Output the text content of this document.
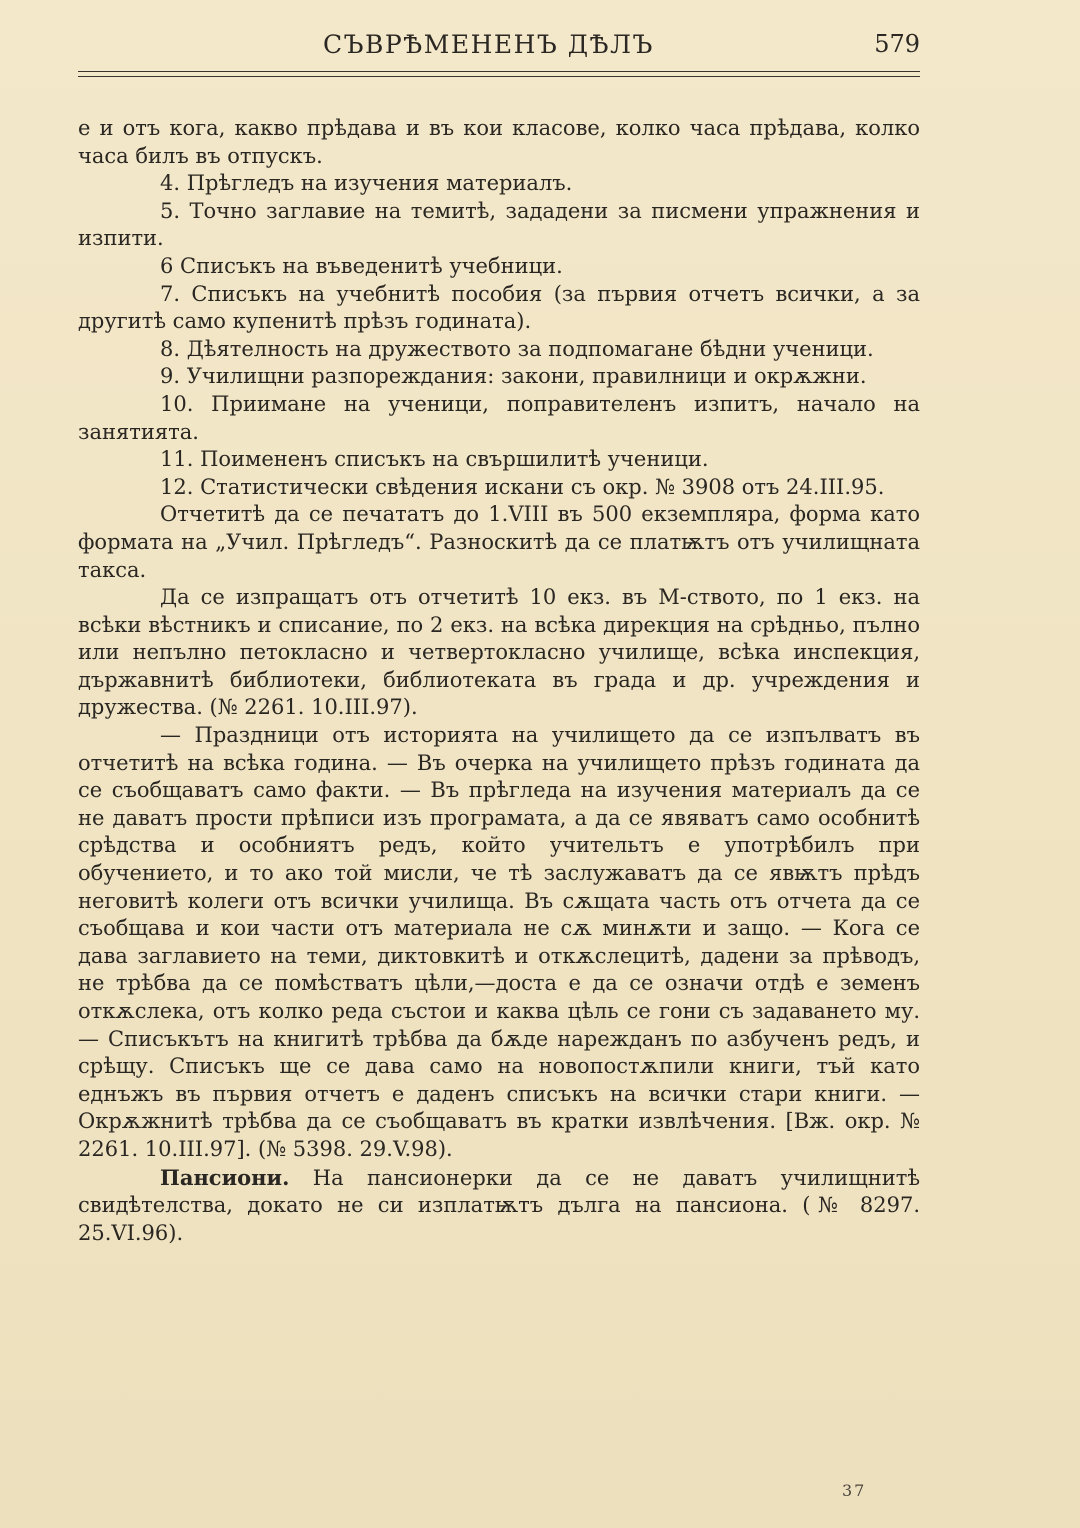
СЪВРѢМЕНЕНЪ ДѢЛЪ	579

е и отъ кога, какво прѣдава и въ кои класове, колко часа прѣдава, колко часа билъ въ отпускъ.

4. Прѣгледъ на изучения материалъ.

5. Точно заглавие на темитѣ, зададени за писмени упражнения и изпити.

6 Списъкъ на въведенитѣ учебници.

7. Списъкъ на учебнитѣ пособия (за първия отчетъ всички, а за другитѣ само купенитѣ прѣзъ годината).

8. Дѣятелность на дружеството за подпомагане бѣдни ученици.

9. Училищни разпореждания: закони, правилници и окрѫжни.

10. Приимане на ученици, поправителенъ изпитъ, начало на занятията.

11. Поимененъ списъкъ на свършилитѣ ученици.

12. Статистически свѣдения искани съ окр. № 3908 отъ 24.III.95.

Отчетитѣ да се печататъ до 1.VIII въ 500 екземпляра, форма като формата на „Учил. Прѣгледъ“. Разноскитѣ да се платѭтъ отъ училищната такса.

Да се изпращатъ отъ отчетитѣ 10 екз. въ М-ството, по 1 екз. на всѣки вѣстникъ и списание, по 2 екз. на всѣка дирекция на срѣдньо, пълно или непълно петокласно и четвертокласно училище, всѣка инспекция, държавнитѣ библиотеки, библиотеката въ града и др. учреждения и дружества. (№ 2261. 10.III.97).

— Праздници отъ историята на училището да се изпълватъ въ отчетитѣ на всѣка година. — Въ очерка на училището прѣзъ годината да се съобщаватъ само факти. — Въ прѣгледа на изучения материалъ да се не даватъ прости прѣписи изъ програмата, а да се явяватъ само особнитѣ срѣдства и особниятъ редъ, който учительтъ е употрѣбилъ при обучението, и то ако той мисли, че тѣ заслужаватъ да се явѭтъ прѣдъ неговитѣ колеги отъ всички училища. Въ сѫщата часть отъ отчета да се съобщава и кои части отъ материала не сѫ минѫти и защо. — Кога се дава заглавието на теми, диктовкитѣ и откѫслецитѣ, дадени за прѣводъ, не трѣбва да се помѣстватъ цѣли,—доста е да се означи отдѣ е земенъ откѫслека, отъ колко реда състои и каква цѣль се гони съ задаването му. — Списъкътъ на книгитѣ трѣбва да бѫде нарежданъ по азбученъ редъ, и срѣщу. Списъкъ ще се дава само на новопостѫпили книги, тъй като еднъжъ въ първия отчетъ е даденъ списъкъ на всички стари книги. — Окрѫжнитѣ трѣбва да се съобщаватъ въ кратки извлѣчения. [Вж. окр. № 2261. 10.III.97]. (№ 5398. 29.V.98).

Пансиони. На пансионерки да се не даватъ училищнитѣ свидѣтелства, докато не си изплатѭтъ дълга на пансиона. (№ 8297. 25.VI.96).

37
